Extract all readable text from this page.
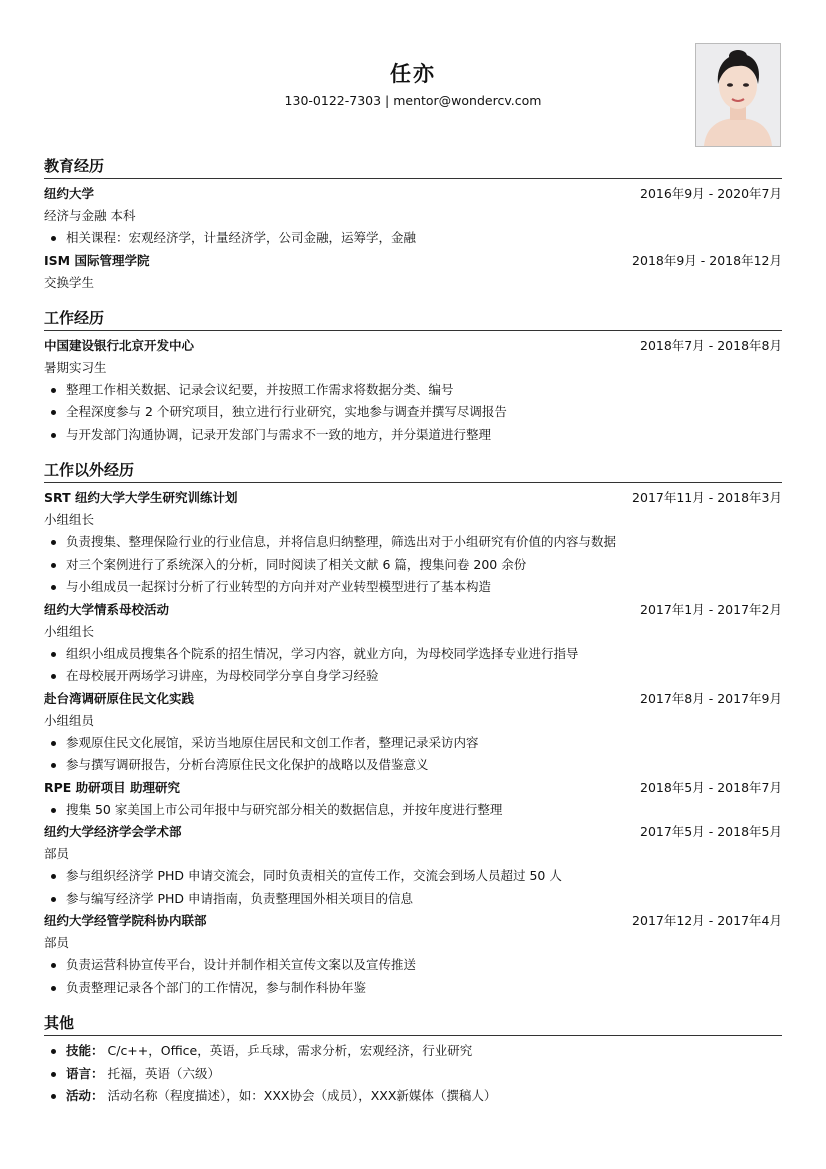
任亦
130-0122-7303 | mentor@wondercv.com
教育经历
纽约大学	2016年9月 - 2020年7月
经济与金融 本科
相关课程：宏观经济学，计量经济学，公司金融，运筹学，金融
ISM 国际管理学院	2018年9月 - 2018年12月
交换学生
工作经历
中国建设银行北京开发中心	2018年7月 - 2018年8月
暑期实习生
整理工作相关数据、记录会议纪要，并按照工作需求将数据分类、编号
全程深度参与 2 个研究项目，独立进行行业研究，实地参与调查并撰写尽调报告
与开发部门沟通协调，记录开发部门与需求不一致的地方，并分渠道进行整理
工作以外经历
SRT 纽约大学大学生研究训练计划	2017年11月 - 2018年3月
小组组长
负责搜集、整理保险行业的行业信息，并将信息归纳整理，筛选出对于小组研究有价值的内容与数据
对三个案例进行了系统深入的分析，同时阅读了相关文献 6 篇，搜集问卷 200 余份
与小组成员一起探讨分析了行业转型的方向并对产业转型模型进行了基本构造
纽约大学情系母校活动	2017年1月 - 2017年2月
小组组长
组织小组成员搜集各个院系的招生情况，学习内容，就业方向，为母校同学选择专业进行指导
在母校展开两场学习讲座，为母校同学分享自身学习经验
赴台湾调研原住民文化实践	2017年8月 - 2017年9月
小组组员
参观原住民文化展馆，采访当地原住居民和文创工作者，整理记录采访内容
参与撰写调研报告，分析台湾原住民文化保护的战略以及借鉴意义
RPE 助研项目 助理研究	2018年5月 - 2018年7月
搜集 50 家美国上市公司年报中与研究部分相关的数据信息，并按年度进行整理
纽约大学经济学会学术部	2017年5月 - 2018年5月
部员
参与组织经济学 PHD 申请交流会，同时负责相关的宣传工作，交流会到场人员超过 50 人
参与编写经济学 PHD 申请指南，负责整理国外相关项目的信息
纽约大学经管学院科协内联部	2017年12月 - 2017年4月
部员
负责运营科协宣传平台，设计并制作相关宣传文案以及宣传推送
负责整理记录各个部门的工作情况，参与制作科协年鉴
其他
技能： C/c++，Office，英语，乒乓球，需求分析，宏观经济，行业研究
语言： 托福，英语（六级）
活动： 活动名称（程度描述），如：XXX协会（成员），XXX新媒体（撰稿人）
